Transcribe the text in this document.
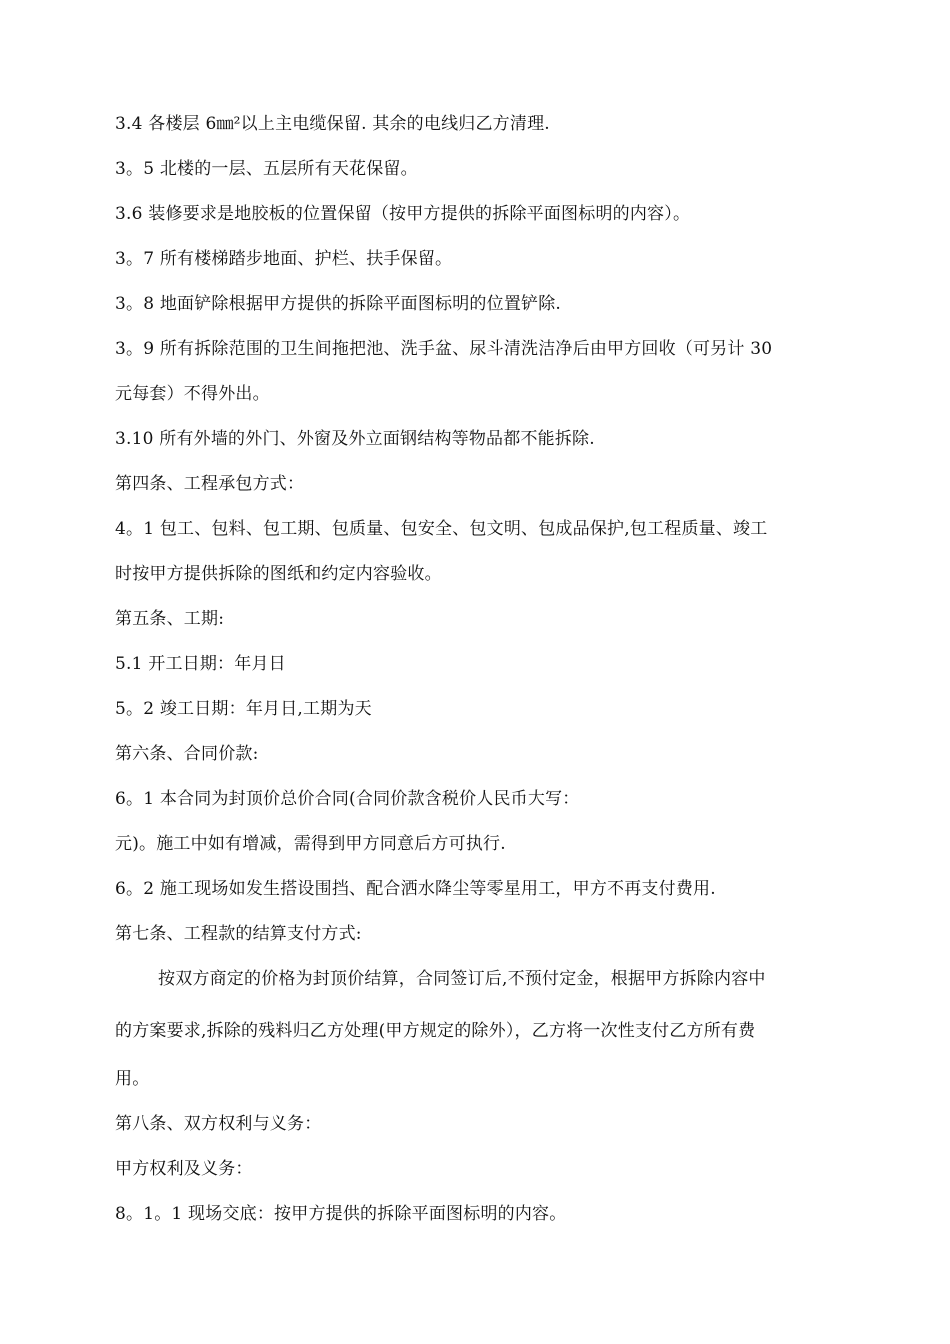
3.4 各楼层 6㎜²以上主电缆保留. 其余的电线归乙方清理.
3。5 北楼的一层、五层所有天花保留。
3.6 装修要求是地胶板的位置保留（按甲方提供的拆除平面图标明的内容）。
3。7 所有楼梯踏步地面、护栏、扶手保留。
3。8 地面铲除根据甲方提供的拆除平面图标明的位置铲除.
3。9 所有拆除范围的卫生间拖把池、洗手盆、尿斗清洗洁净后由甲方回收（可另计 30
元每套）不得外出。
3.10 所有外墙的外门、外窗及外立面钢结构等物品都不能拆除.
第四条、工程承包方式：
4。1 包工、包料、包工期、包质量、包安全、包文明、包成品保护,包工程质量、竣工
时按甲方提供拆除的图纸和约定内容验收。
第五条、工期:
5.1 开工日期：年月日
5。2 竣工日期：年月日,工期为天
第六条、合同价款:
6。1 本合同为封顶价总价合同(合同价款含税价人民币大写：
元)。施工中如有增减，需得到甲方同意后方可执行.
6。2 施工现场如发生搭设围挡、配合洒水降尘等零星用工，甲方不再支付费用.
第七条、工程款的结算支付方式:
按双方商定的价格为封顶价结算，合同签订后,不预付定金，根据甲方拆除内容中
的方案要求,拆除的残料归乙方处理(甲方规定的除外），乙方将一次性支付乙方所有费
用。
第八条、双方权利与义务：
甲方权利及义务：
8。1。1 现场交底：按甲方提供的拆除平面图标明的内容。
